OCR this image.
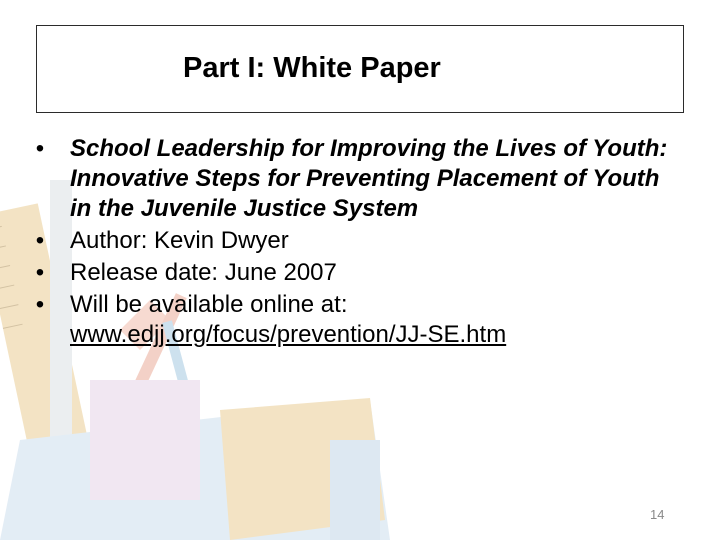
Part I: White Paper
• School Leadership for Improving the Lives of Youth: Innovative Steps for Preventing Placement of Youth in the Juvenile Justice System
• Author: Kevin Dwyer
• Release date: June 2007
• Will be available online at:
www.edjj.org/focus/prevention/JJ-SE.htm
14
